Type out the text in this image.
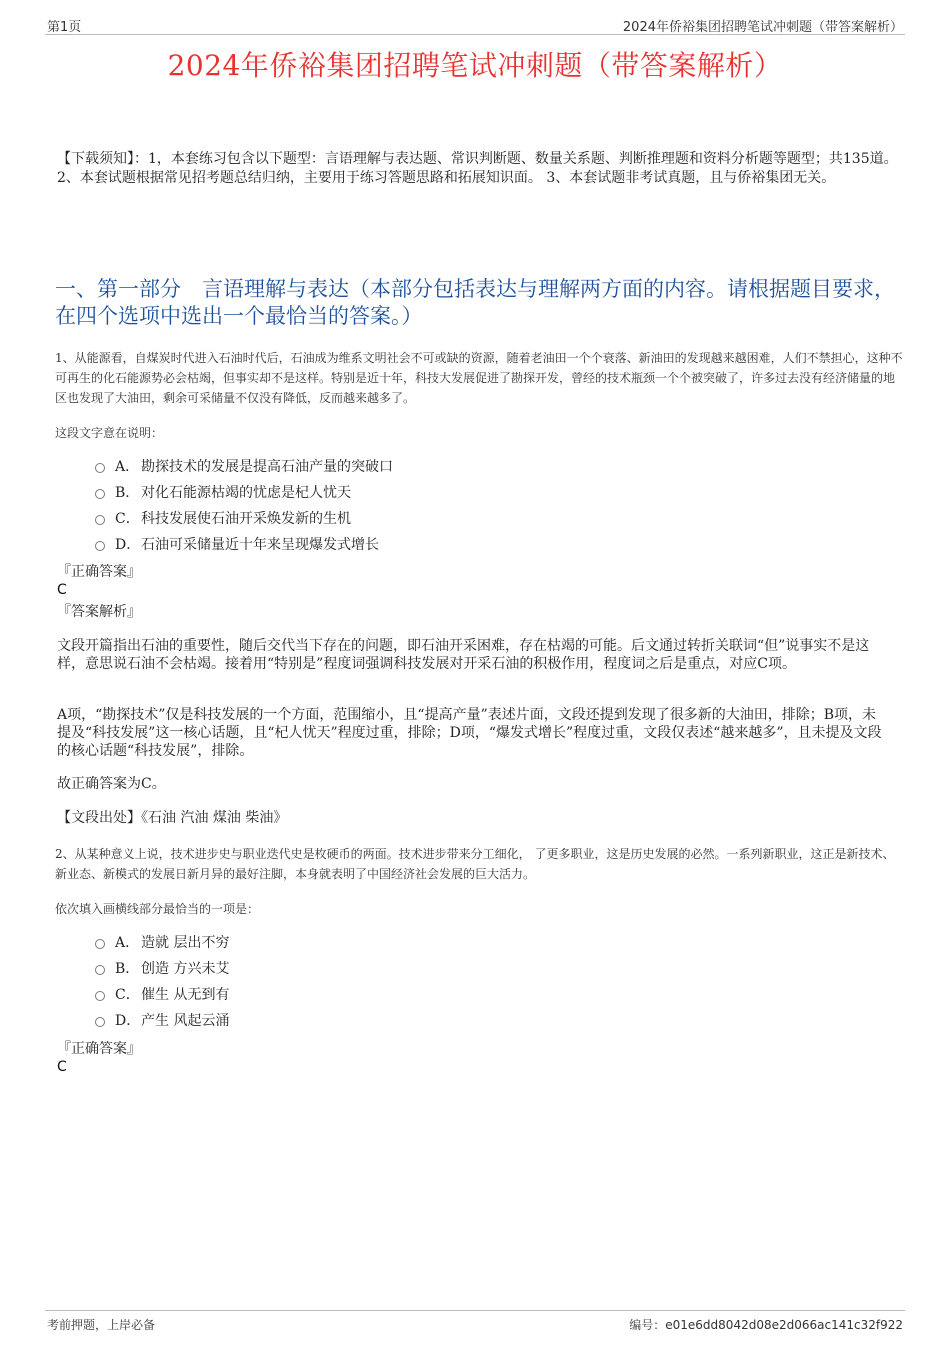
第1页	2024年侨裕集团招聘笔试冲刺题（带答案解析）
2024年侨裕集团招聘笔试冲刺题（带答案解析）
【下载须知】：1，本套练习包含以下题型：言语理解与表达题、常识判断题、数量关系题、判断推理题和资料分析题等题型；共135道。 2、本套试题根据常见招考题总结归纳，主要用于练习答题思路和拓展知识面。 3、本套试题非考试真题，且与侨裕集团无关。
一、第一部分　言语理解与表达（本部分包括表达与理解两方面的内容。请根据题目要求，在四个选项中选出一个最恰当的答案。）
1、从能源看，自煤炭时代进入石油时代后，石油成为维系文明社会不可或缺的资源，随着老油田一个个衰落、新油田的发现越来越困难，人们不禁担心，这种不可再生的化石能源势必会枯竭，但事实却不是这样。特别是近十年，科技大发展促进了勘探开发，曾经的技术瓶颈一个个被突破了，许多过去没有经济储量的地区也发现了大油田，剩余可采储量不仅没有降低，反而越来越多了。
这段文字意在说明：
A． 勘探技术的发展是提高石油产量的突破口
B． 对化石能源枯竭的忧虑是杞人忧天
C． 科技发展使石油开采焕发新的生机
D． 石油可采储量近十年来呈现爆发式增长
『正确答案』
C
『答案解析』
文段开篇指出石油的重要性，随后交代当下存在的问题，即石油开采困难，存在枯竭的可能。后文通过转折关联词“但”说事实不是这样，意思说石油不会枯竭。接着用“特别是”程度词强调科技发展对开采石油的积极作用，程度词之后是重点，对应C项。
A项，“勘探技术”仅是科技发展的一个方面，范围缩小，且“提高产量”表述片面，文段还提到发现了很多新的大油田，排除；B项，未提及“科技发展”这一核心话题，且“杞人忧天”程度过重，排除；D项，“爆发式增长”程度过重，文段仅表述“越来越多”，且未提及文段的核心话题“科技发展”，排除。
故正确答案为C。
【文段出处】《石油 汽油 煤油 柴油》
2、从某种意义上说，技术进步史与职业迭代史是枚硬币的两面。技术进步带来分工细化， 了更多职业，这是历史发展的必然。一系列新职业，这正是新技术、新业态、新模式的发展日新月异的最好注脚，本身就表明了中国经济社会发展的巨大活力。
依次填入画横线部分最恰当的一项是：
A． 造就 层出不穷
B． 创造 方兴未艾
C． 催生 从无到有
D． 产生 风起云涌
『正确答案』
C
考前押题，上岸必备	编号：e01e6dd8042d08e2d066ac141c32f922
